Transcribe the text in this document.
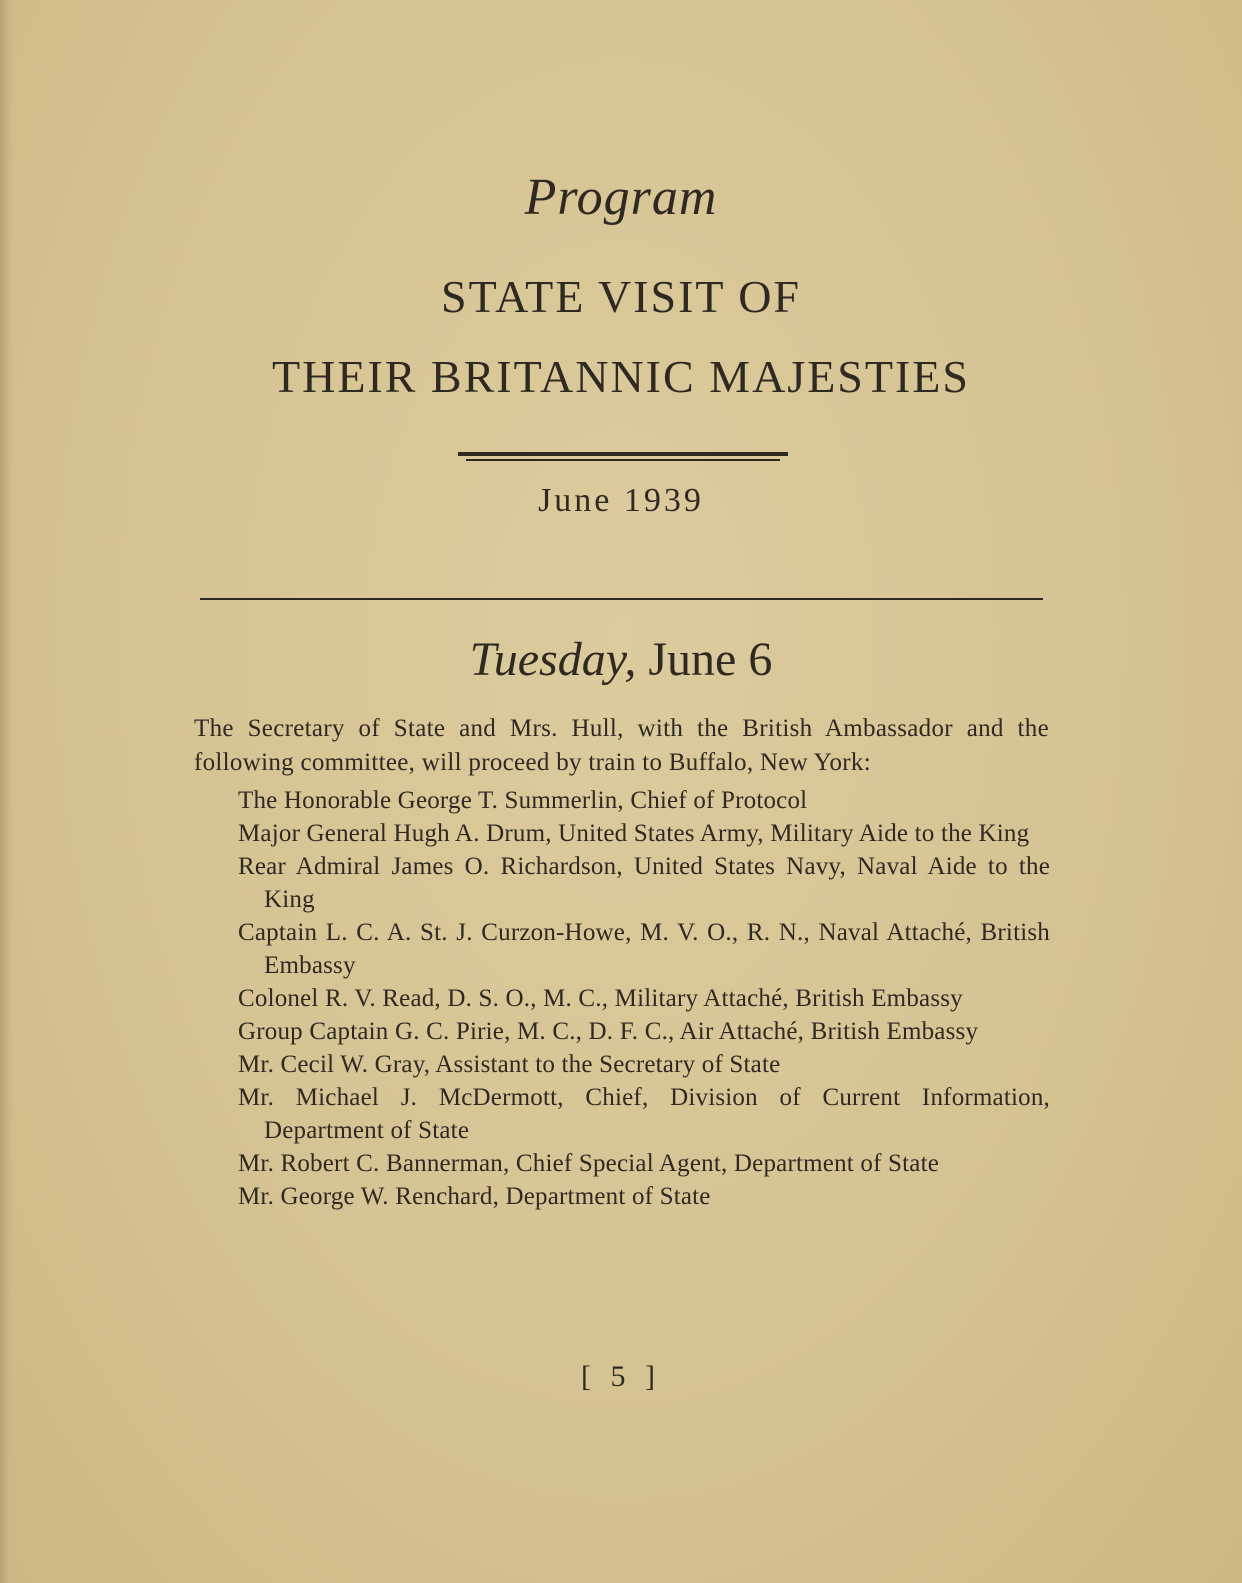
Program
STATE VISIT OF
THEIR BRITANNIC MAJESTIES
June 1939
Tuesday, June 6
The Secretary of State and Mrs. Hull, with the British Ambassador and the following committee, will proceed by train to Buffalo, New York:
The Honorable George T. Summerlin, Chief of Protocol
Major General Hugh A. Drum, United States Army, Military Aide to the King
Rear Admiral James O. Richardson, United States Navy, Naval Aide to the King
Captain L. C. A. St. J. Curzon-Howe, M. V. O., R. N., Naval Attaché, British Embassy
Colonel R. V. Read, D. S. O., M. C., Military Attaché, British Embassy
Group Captain G. C. Pirie, M. C., D. F. C., Air Attaché, British Embassy
Mr. Cecil W. Gray, Assistant to the Secretary of State
Mr. Michael J. McDermott, Chief, Division of Current Information, Department of State
Mr. Robert C. Bannerman, Chief Special Agent, Department of State
Mr. George W. Renchard, Department of State
[ 5 ]
